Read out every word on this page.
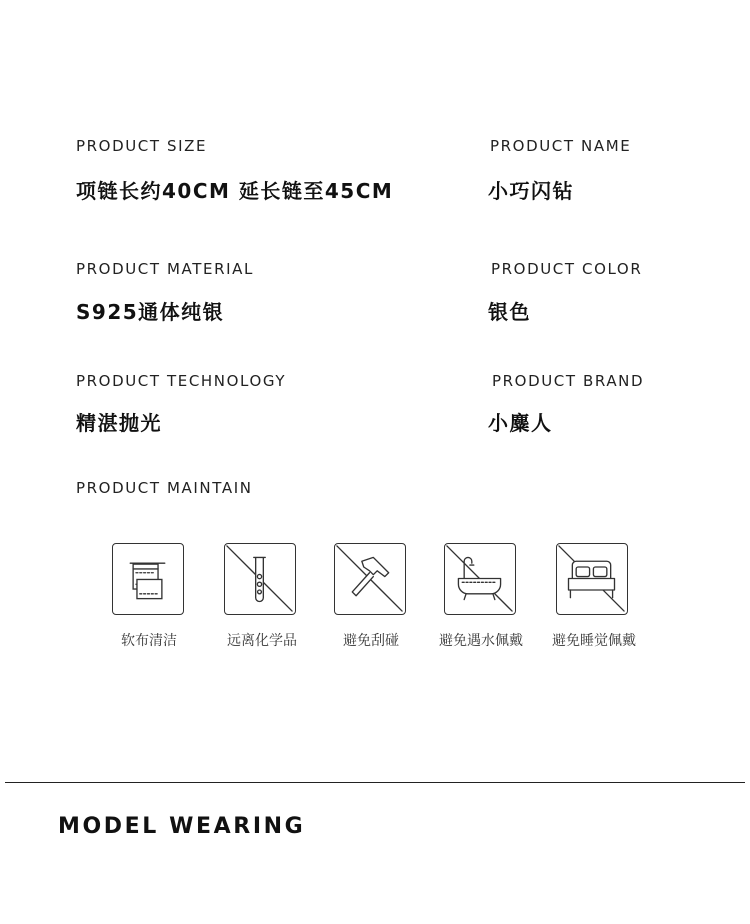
PRODUCT SIZE
项链长约40CM 延长链至45CM
PRODUCT NAME
小巧闪钻
PRODUCT MATERIAL
S925通体纯银
PRODUCT COLOR
银色
PRODUCT TECHNOLOGY
精湛抛光
PRODUCT BRAND
小麋人
PRODUCT MAINTAIN
软布清洁	远离化学品	避免刮碰	避免遇水佩戴	避免睡觉佩戴
MODEL WEARING
